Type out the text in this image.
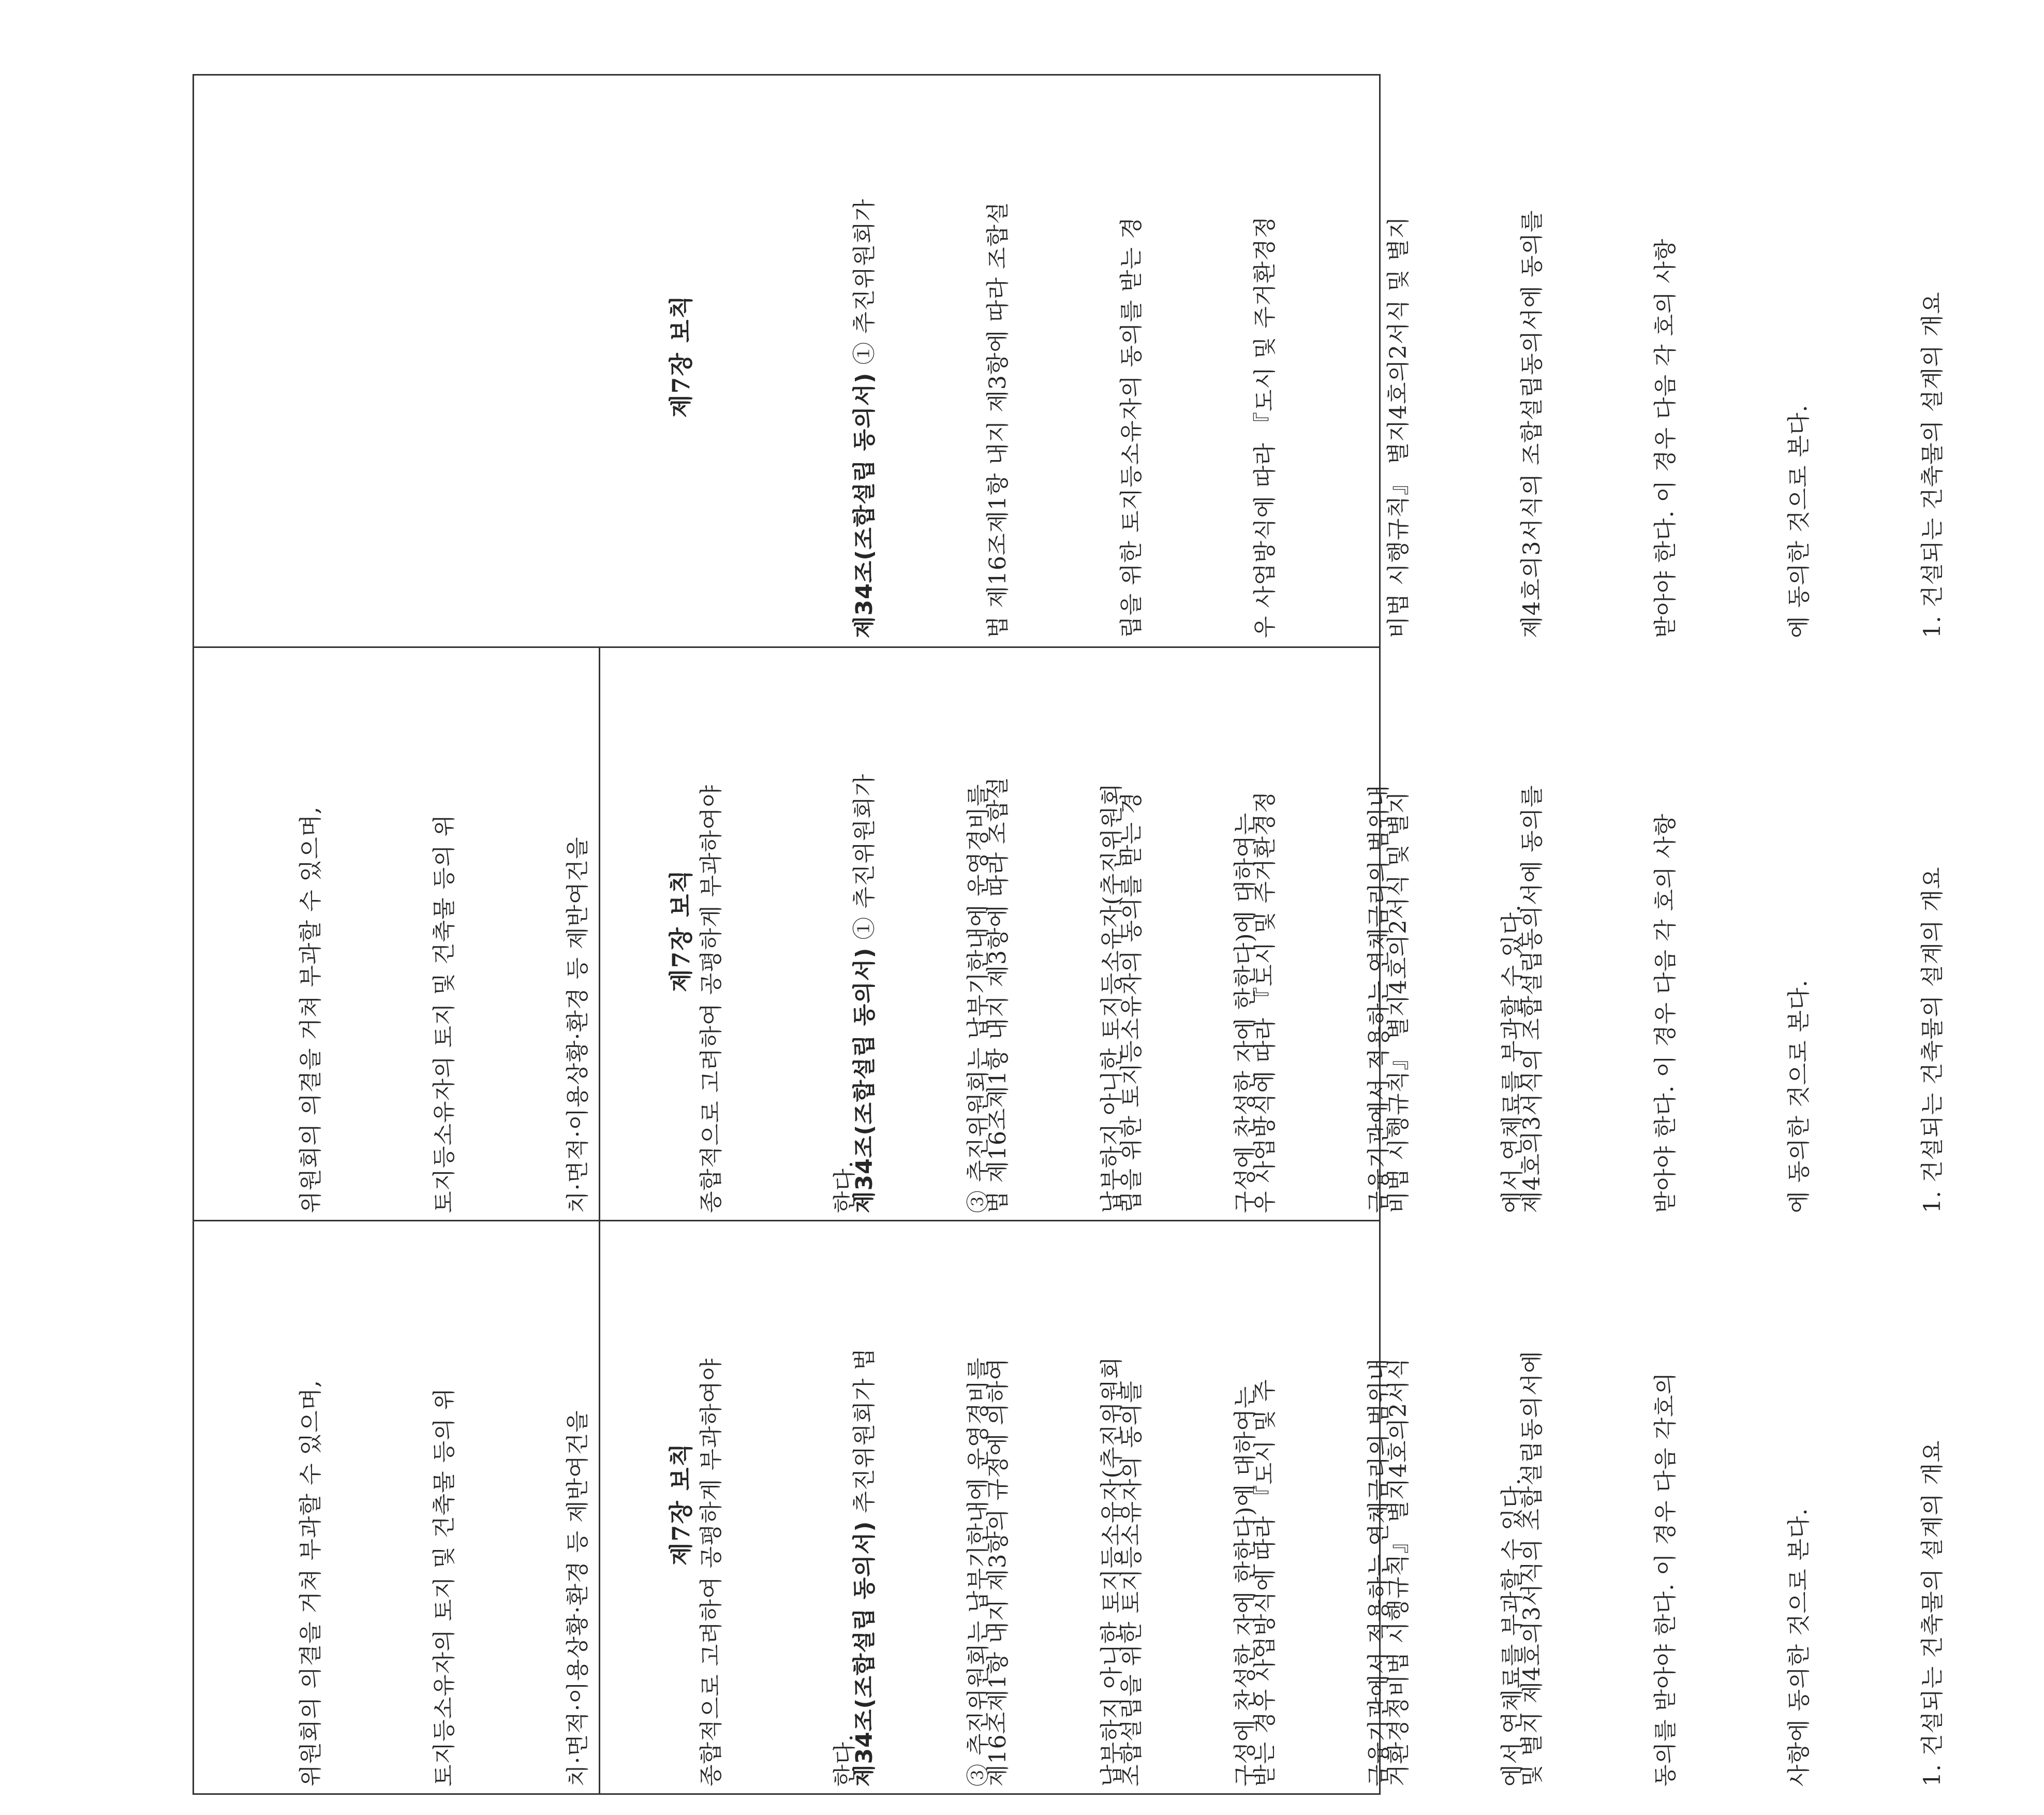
위원회의 의결을 거쳐 부과할 수 있으며,

	토지등소유자의 토지 및 건축물 등의 위

	치·면적·이용상황·환경 등 제반여건을

	종합적으로 고려하여 공평하게 부과하여야

	한다.

	③ 추진위원회는 납부기한내에 운영경비를

	납부하지 아니한 토지등소유자(추진위원회

	구성에 찬성한 자에 한한다)에 대하여는

	금융기관에서 적용하는 연체금리의 범위내

	에서 연체료를 부과할 수 있다.

위원회의 의결을 거쳐 부과할 수 있으며,

	토지등소유자의 토지 및 건축물 등의 위

	치·면적·이용상황·환경 등 제반여건을

	종합적으로 고려하여 공평하게 부과하여야

	한다.

	③ 추진위원회는 납부기한내에 운영경비를

	납부하지 아니한 토지등소유자(추진위원회

	구성에 찬성한 자에 한한다)에 대하여는

	금융기관에서 적용하는 연체금리의 범위내

	에서 연체료를 부과할 수 있다.

제7장 보칙

제34조(조합설립 동의서) 추진위원회가 법

	제16조제1항 내지 제3항의 규정에 의하여

	조합설립을 위한 토지등소유자의 동의를

	받는 경우 사업방식에 따라 『도시 및 주

	거환경정비법 시행규칙』 별지4호의2서식

	및 별지 제4호의3서식의 조합설립동의서에

	동의를 받아야 한다. 이 경우 다음 각호의

	사항에 동의한 것으로 본다.

	1. 건설되는 건축물의 설계의 개요

제7장 보칙

제34조(조합설립 동의서) ① 추진위원회가

	법 제16조제1항 내지 제3항에 따라 조합설

	립을 위한 토지등소유자의 동의를 받는 경

	우 사업방식에 따라 『도시 및 주거환경정

	비법 시행규칙』 별지4호의2서식 및 별지

	제4호의3서식의 조합설립동의서에 동의를

	받아야 한다. 이 경우 다음 각 호의 사항

	에 동의한 것으로 본다.

	1. 건설되는 건축물의 설계의 개요

제7장 보칙

제34조(조합설립 동의서) ① 추진위원회가

	법 제16조제1항 내지 제3항에 따라 조합설

	립을 위한 토지등소유자의 동의를 받는 경

	우 사업방식에 따라 『도시 및 주거환경정

	비법 시행규칙』 별지4호의2서식 및 별지

	제4호의3서식의 조합설립동의서에 동의를

	받아야 한다. 이 경우 다음 각 호의 사항

	에 동의한 것으로 본다.

	1. 건설되는 건축물의 설계의 개요
